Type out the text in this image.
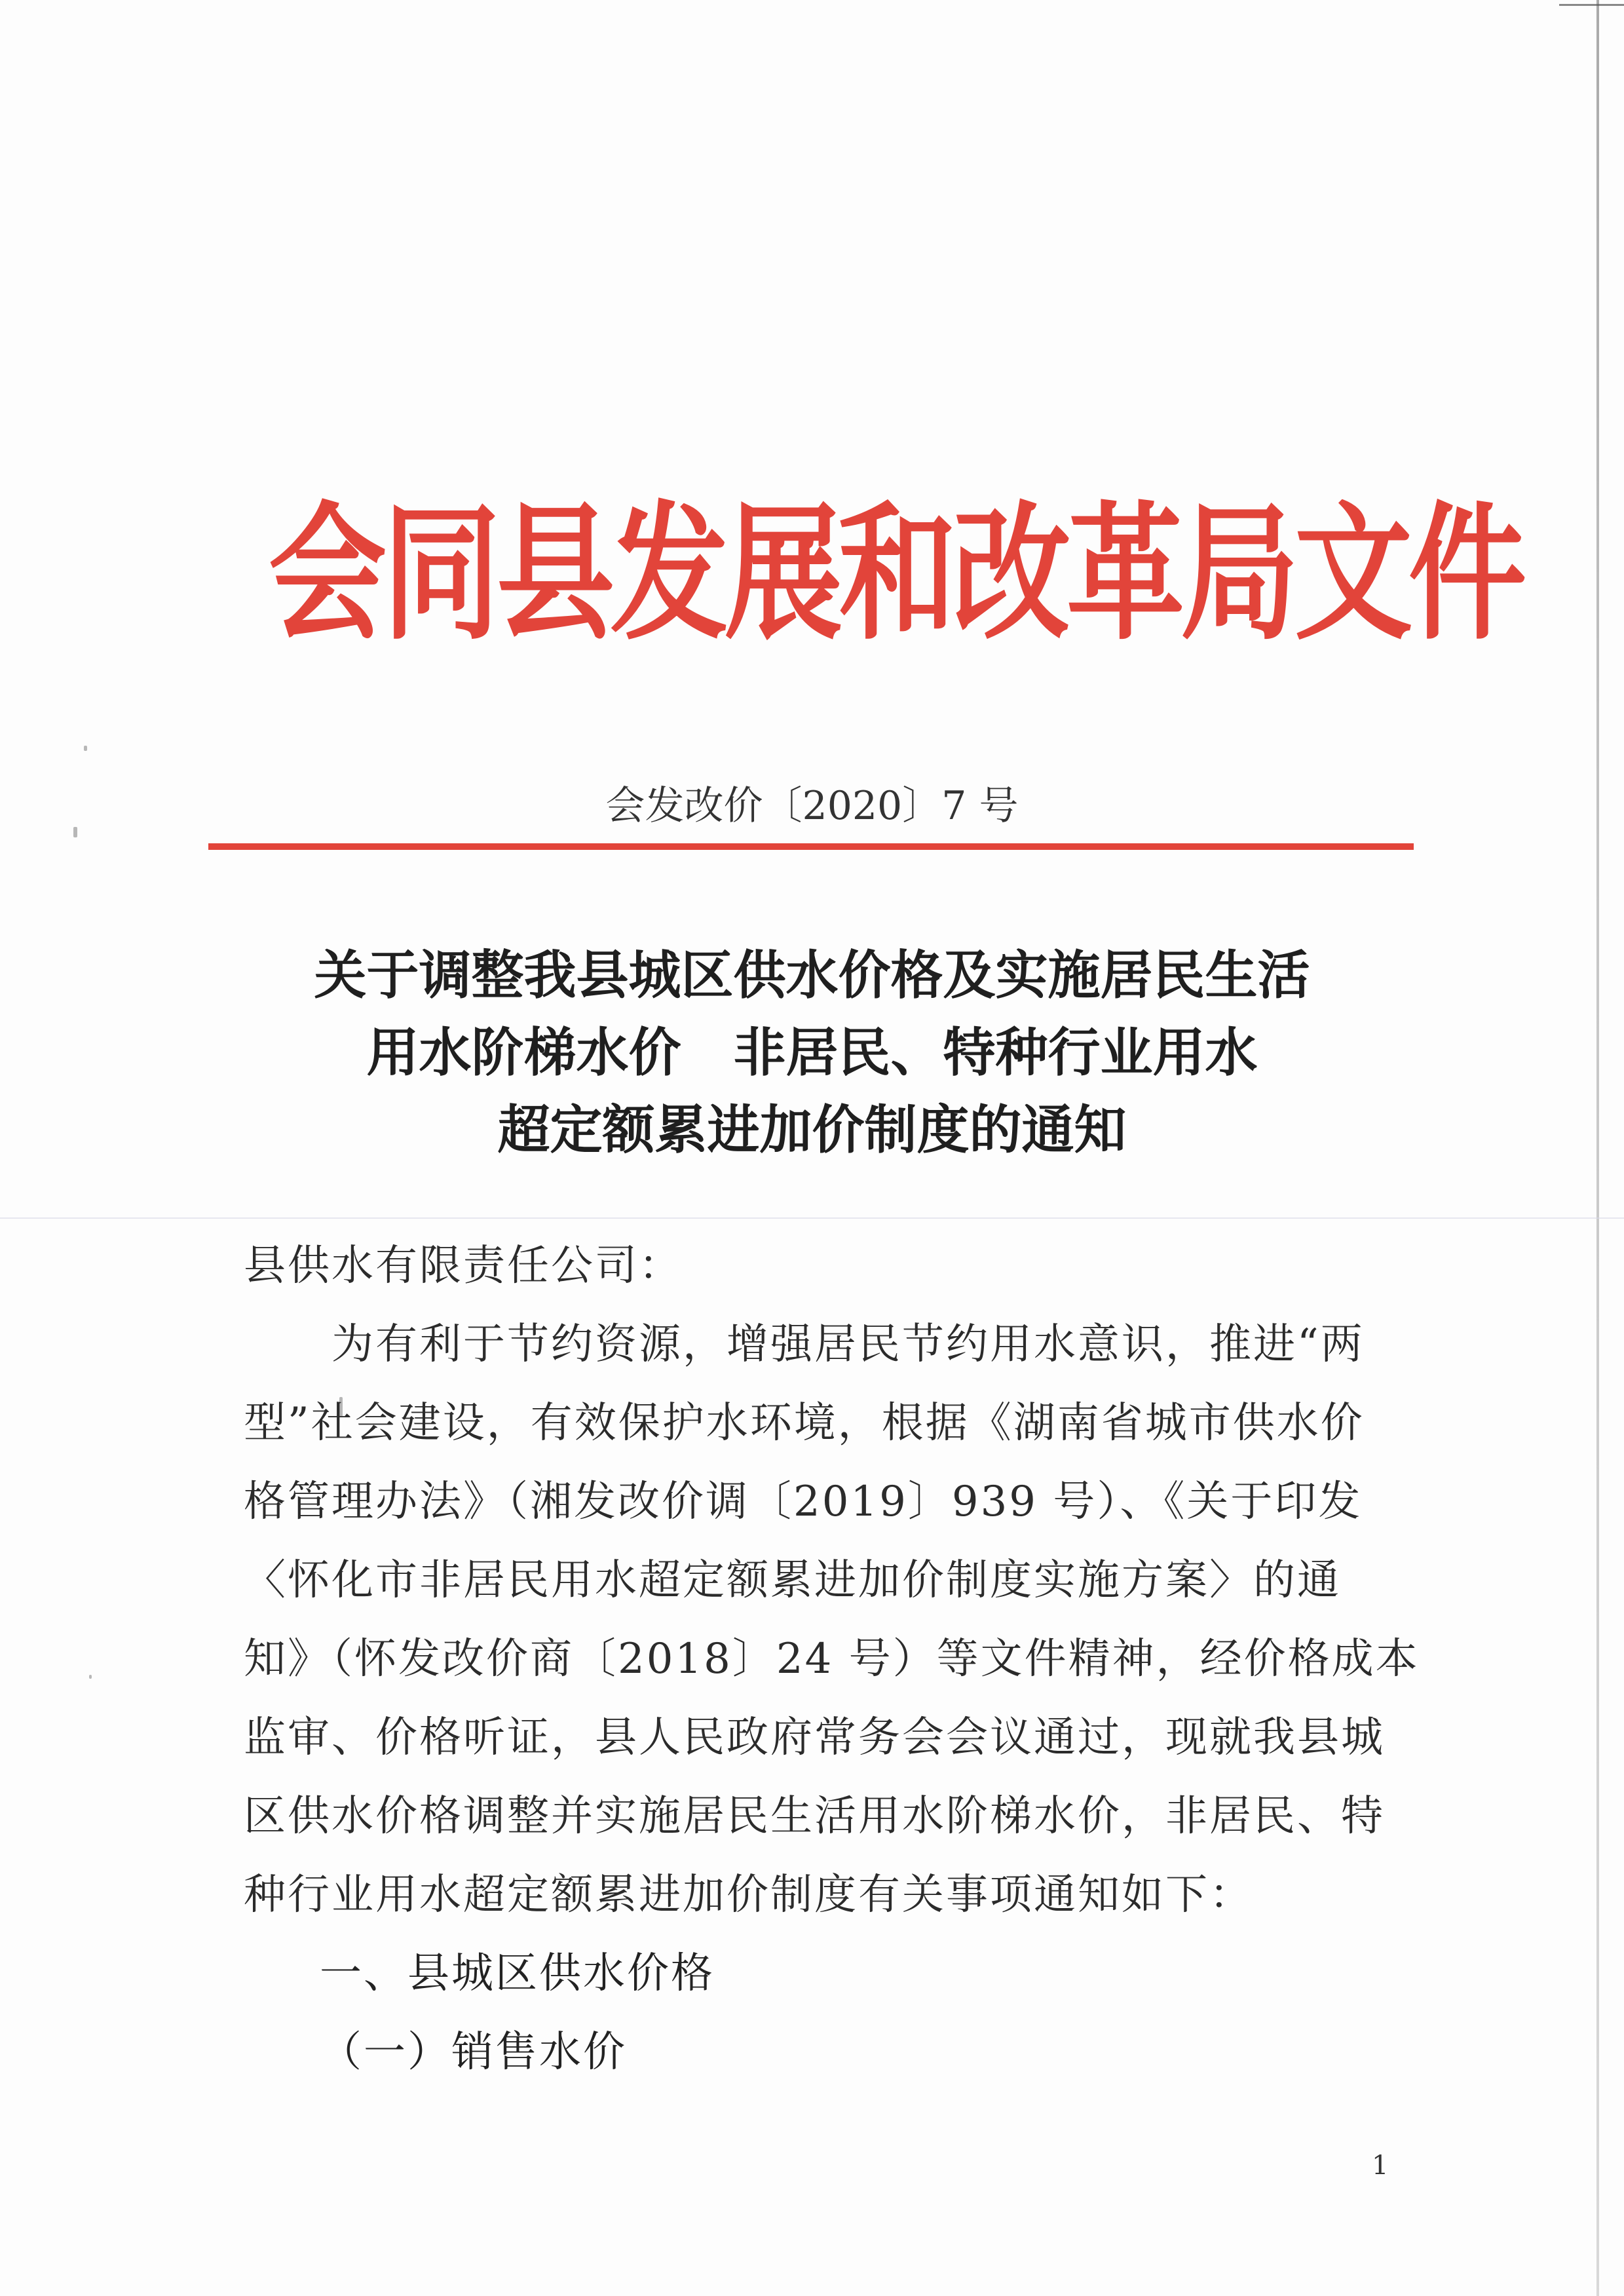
会同县发展和改革局文件
会发改价〔2020〕7 号
关于调整我县城区供水价格及实施居民生活
用水阶梯水价　非居民、特种行业用水
超定额累进加价制度的通知
县供水有限责任公司：
　　为有利于节约资源，增强居民节约用水意识，推进“两
型”社会建设，有效保护水环境，根据《湖南省城市供水价
格管理办法》（湘发改价调〔2019〕939 号）、《关于印发
〈怀化市非居民用水超定额累进加价制度实施方案〉的通
知》（怀发改价商〔2018〕24 号）等文件精神，经价格成本
监审、价格听证，县人民政府常务会会议通过，现就我县城
区供水价格调整并实施居民生活用水阶梯水价，非居民、特
种行业用水超定额累进加价制度有关事项通知如下：
一、县城区供水价格
（一）销售水价
1
